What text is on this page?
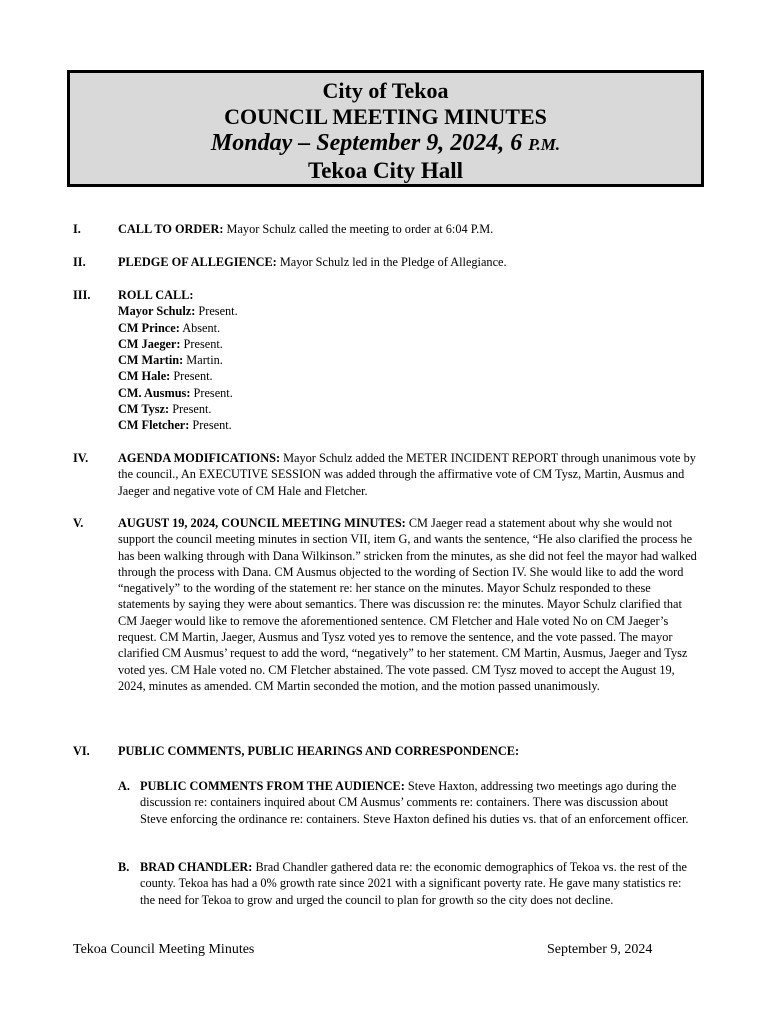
City of Tekoa
COUNCIL MEETING MINUTES
Monday – September 9, 2024, 6 P.M.
Tekoa City Hall
I.	CALL TO ORDER: Mayor Schulz called the meeting to order at 6:04 P.M.
II.	PLEDGE OF ALLEGIENCE: Mayor Schulz led in the Pledge of Allegiance.
III. ROLL CALL:
Mayor Schulz: Present.
CM Prince: Absent.
CM Jaeger: Present.
CM Martin: Martin.
CM Hale: Present.
CM. Ausmus: Present.
CM Tysz: Present.
CM Fletcher: Present.
IV. AGENDA MODIFICATIONS: Mayor Schulz added the METER INCIDENT REPORT through unanimous vote by the council., An EXECUTIVE SESSION was added through the affirmative vote of CM Tysz, Martin, Ausmus and Jaeger and negative vote of CM Hale and Fletcher.
V.	AUGUST 19, 2024, COUNCIL MEETING MINUTES: CM Jaeger read a statement about why she would not support the council meeting minutes in section VII, item G, and wants the sentence, “He also clarified the process he has been walking through with Dana Wilkinson.” stricken from the minutes, as she did not feel the mayor had walked through the process with Dana. CM Ausmus objected to the wording of Section IV. She would like to add the word “negatively” to the wording of the statement re: her stance on the minutes. Mayor Schulz responded to these statements by saying they were about semantics. There was discussion re: the minutes. Mayor Schulz clarified that CM Jaeger would like to remove the aforementioned sentence. CM Fletcher and Hale voted No on CM Jaeger’s request. CM Martin, Jaeger, Ausmus and Tysz voted yes to remove the sentence, and the vote passed. The mayor clarified CM Ausmus’ request to add the word, “negatively” to her statement. CM Martin, Ausmus, Jaeger and Tysz voted yes. CM Hale voted no. CM Fletcher abstained. The vote passed. CM Tysz moved to accept the August 19, 2024, minutes as amended. CM Martin seconded the motion, and the motion passed unanimously.
VI. PUBLIC COMMENTS, PUBLIC HEARINGS AND CORRESPONDENCE:
A. PUBLIC COMMENTS FROM THE AUDIENCE: Steve Haxton, addressing two meetings ago during the discussion re: containers inquired about CM Ausmus’ comments re: containers. There was discussion about Steve enforcing the ordinance re: containers. Steve Haxton defined his duties vs. that of an enforcement officer.
B. BRAD CHANDLER: Brad Chandler gathered data re: the economic demographics of Tekoa vs. the rest of the county. Tekoa has had a 0% growth rate since 2021 with a significant poverty rate. He gave many statistics re: the need for Tekoa to grow and urged the council to plan for growth so the city does not decline.
Tekoa Council Meeting Minutes	September 9, 2024
